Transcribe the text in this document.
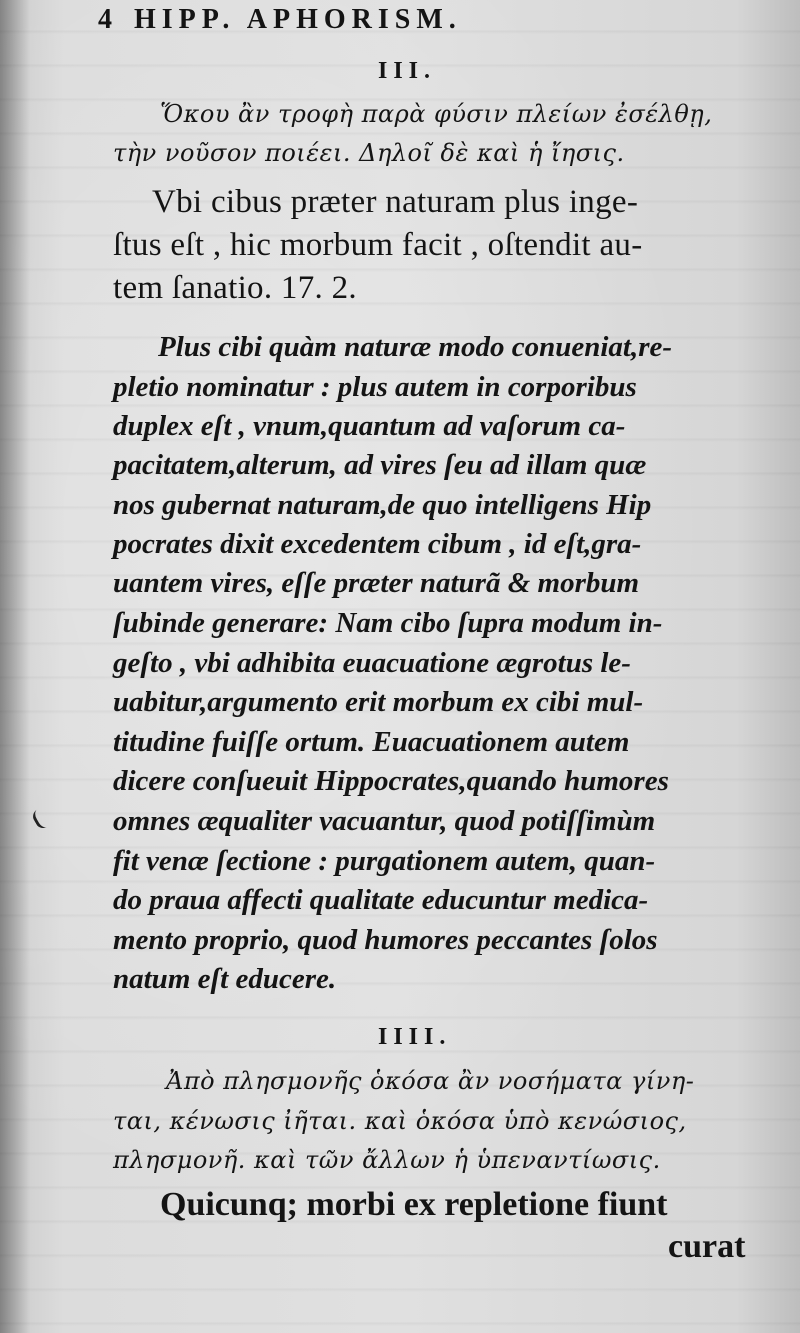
4 HIPP. APHORISM.
III.
Ὅκου ἂν τροφὴ παρὰ φύσιν πλείων ἐσέλθῃ,
τὴν νοῦσον ποιέει. Δηλοῖ δὲ καὶ ἡ ἴησις.
Vbi cibus præter naturam plus inge-
ſtus eſt , hic morbum facit , oſtendit au-
tem ſanatio. 17. 2.
Plus cibi quàm naturæ modo conueniat,re-
pletio nominatur : plus autem in corporibus
duplex eſt , vnum,quantum ad vaſorum ca-
pacitatem,alterum, ad vires ſeu ad illam quæ
nos gubernat naturam,de quo intelligens Hip
pocrates dixit excedentem cibum , id eſt,gra-
uantem vires, eſſe præter naturã & morbum
ſubinde generare: Nam cibo ſupra modum in-
geſto , vbi adhibita euacuatione ægrotus le-
uabitur,argumento erit morbum ex cibi mul-
titudine fuiſſe ortum. Euacuationem autem
dicere conſueuit Hippocrates,quando humores
omnes æqualiter vacuantur, quod potiſſimùm
fit venæ ſectione : purgationem autem, quan-
do praua affecti qualitate educuntur medica-
mento proprio, quod humores peccantes ſolos
natum eſt educere.
IIII.
Ἀπὸ πλησμονῆς ὁκόσα ἂν νοσήματα γίνη-
ται, κένωσις ἰῆται. καὶ ὁκόσα ὑπὸ κενώσιος,
πλησμονῆ. καὶ τῶν ἄλλων ἡ ὑπεναντίωσις.
Quicunq; morbi ex repletione fiunt
curat
